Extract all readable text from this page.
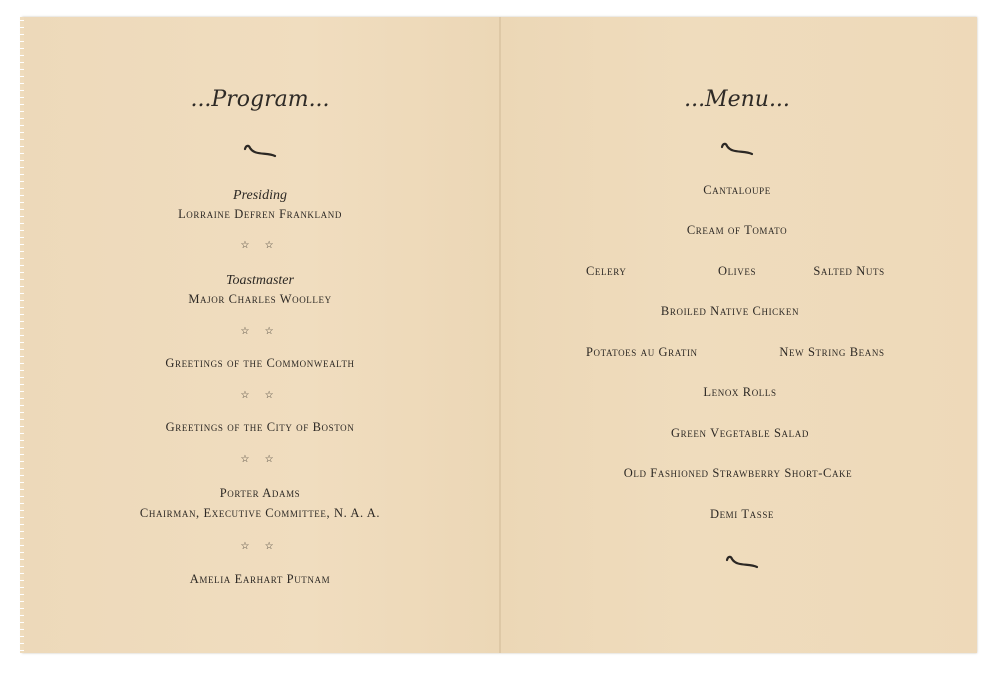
...Program...
Presiding
Lorraine Defren Frankland
☆ ☆
Toastmaster
Major Charles Woolley
☆ ☆
Greetings of the Commonwealth
☆ ☆
Greetings of the City of Boston
☆ ☆
Porter Adams
Chairman, Executive Committee, N. A. A.
☆ ☆
Amelia Earhart Putnam
...Menu...
Cantaloupe
Cream of Tomato
Celery	Olives	Salted Nuts
Broiled Native Chicken
Potatoes au Gratin	New String Beans
Lenox Rolls
Green Vegetable Salad
Old Fashioned Strawberry Short-Cake
Demi Tasse
